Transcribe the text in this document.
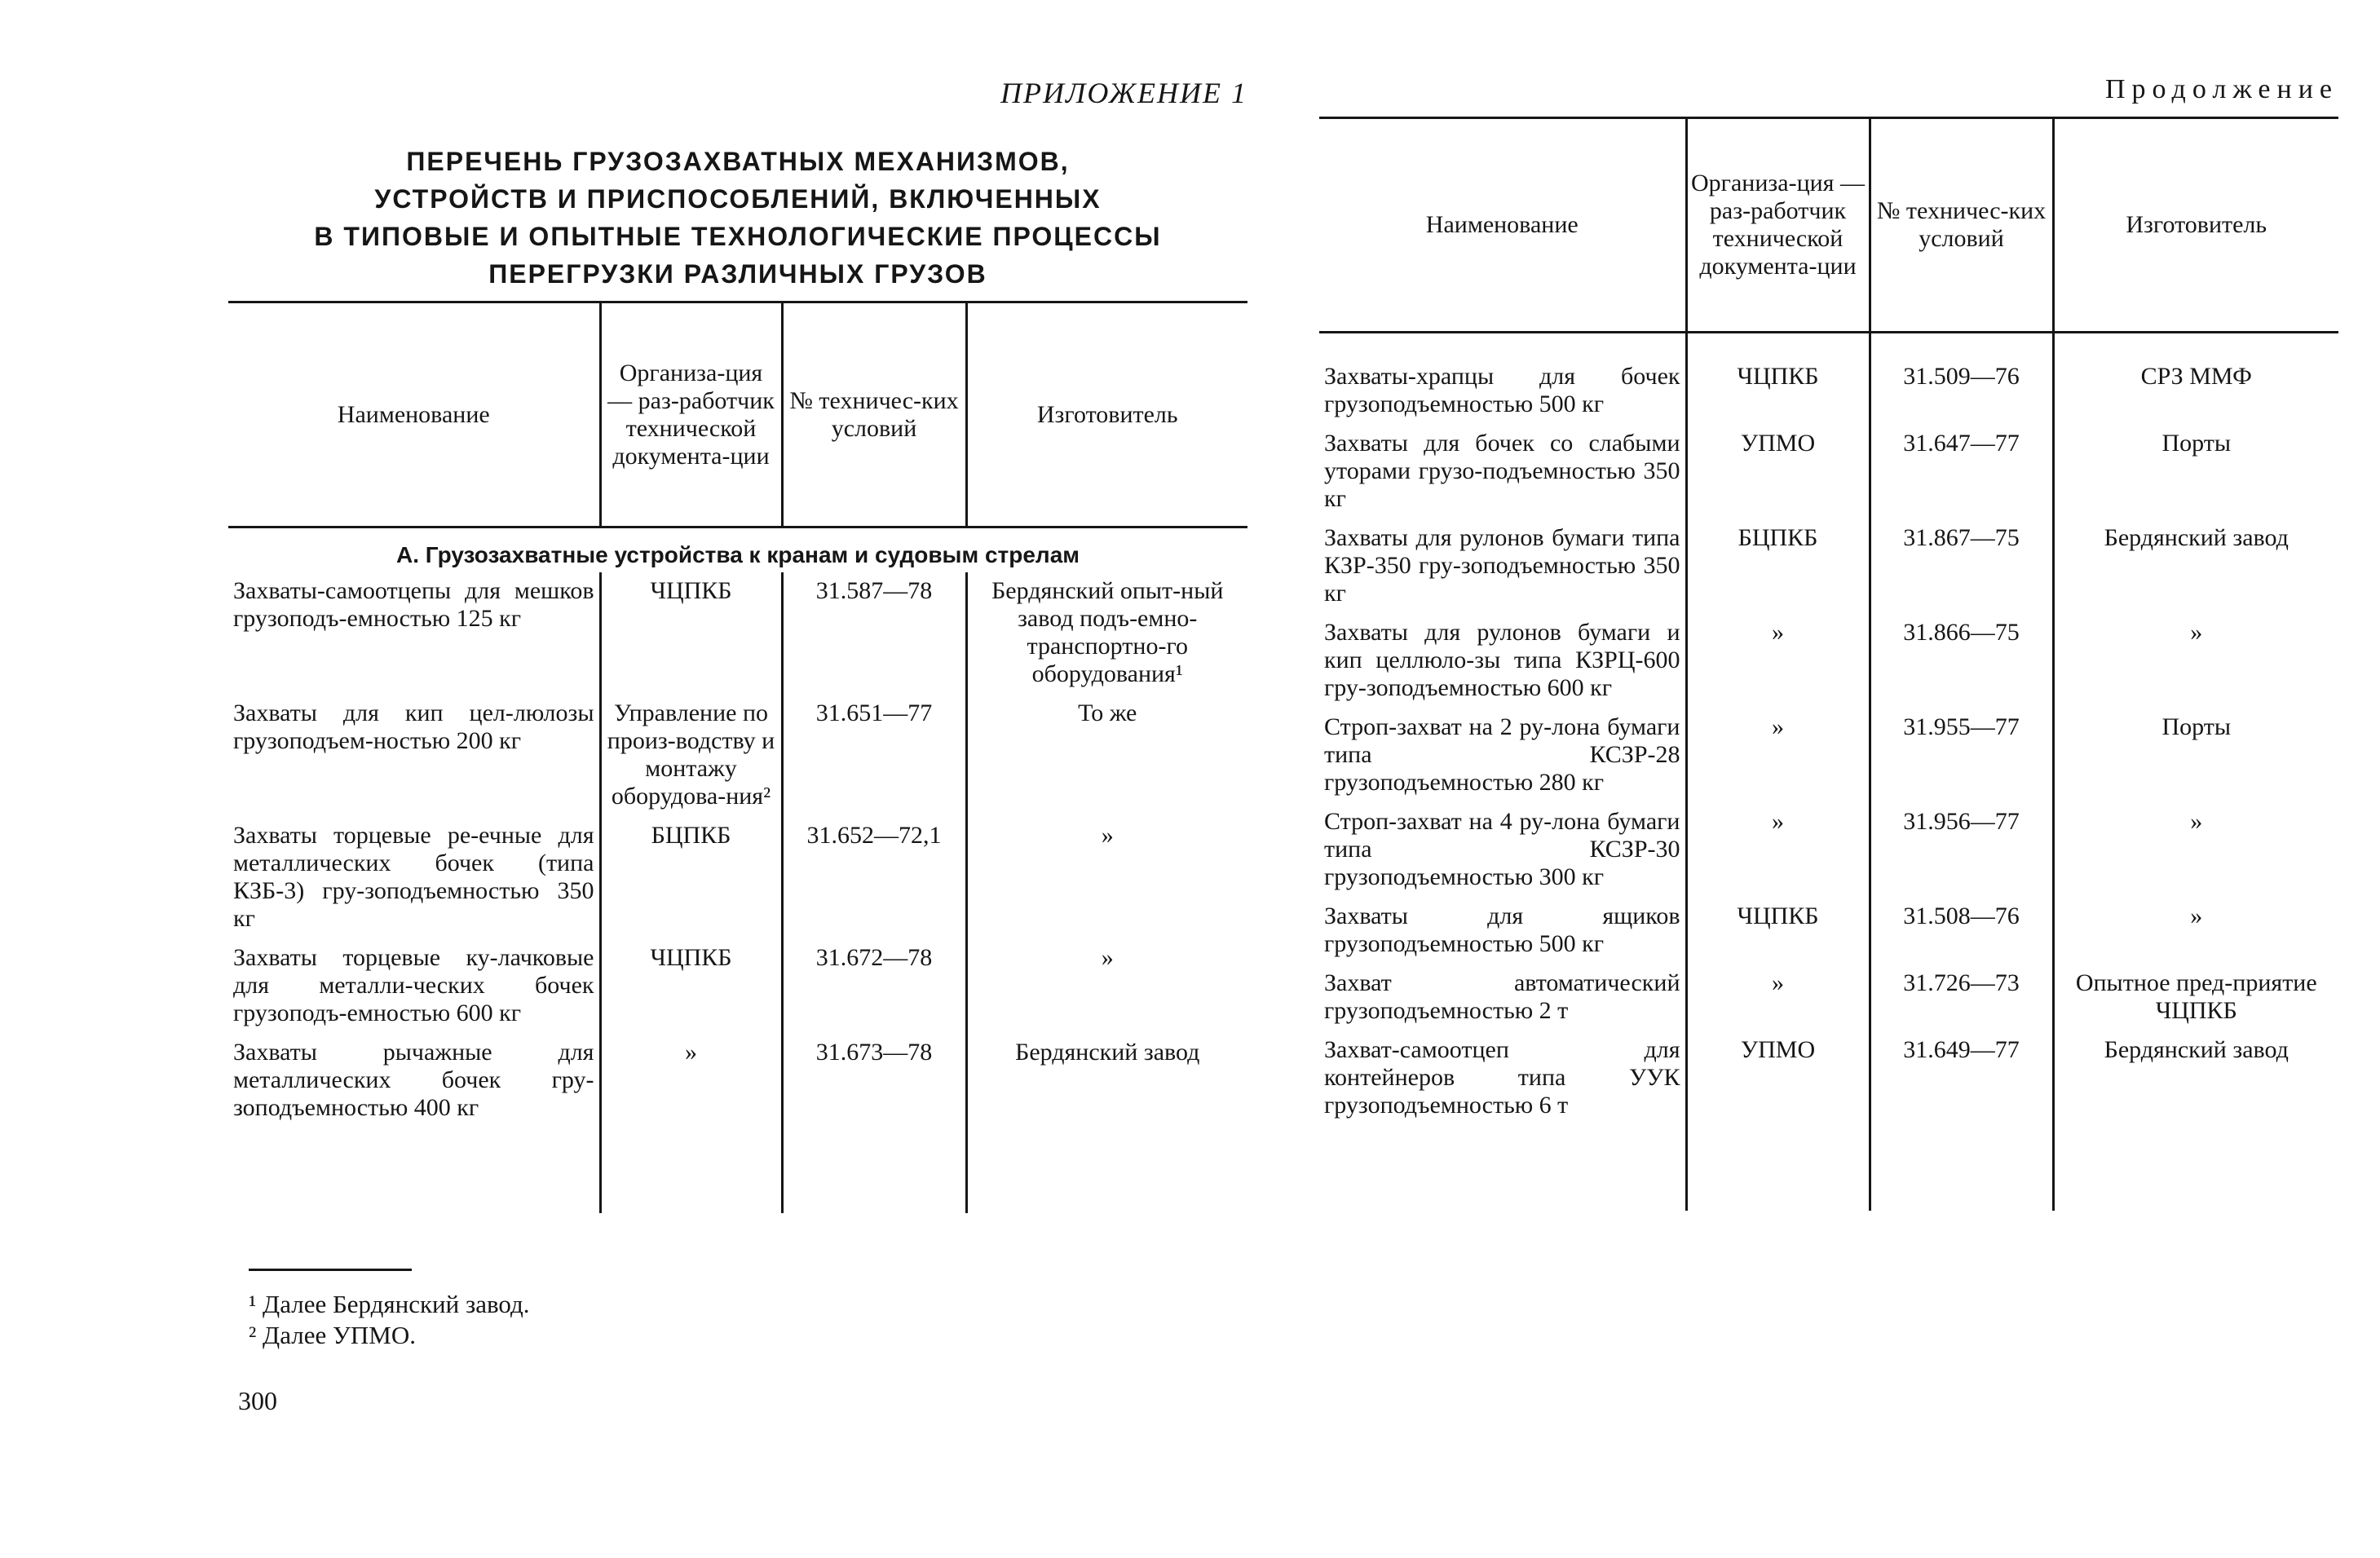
ПРИЛОЖЕНИЕ 1
ПЕРЕЧЕНЬ ГРУЗОЗАХВАТНЫХ МЕХАНИЗМОВ,
УСТРОЙСТВ И ПРИСПОСОБЛЕНИЙ, ВКЛЮЧЕННЫХ
В ТИПОВЫЕ И ОПЫТНЫЕ ТЕХНОЛОГИЧЕСКИЕ ПРОЦЕССЫ
ПЕРЕГРУЗКИ РАЗЛИЧНЫХ ГРУЗОВ
Наименование	Организа-ция — раз-работчик технической документа-ции	№ техничес-ких условий	Изготовитель
А. Грузозахватные устройства к кранам и судовым стрелам			
Захваты-самоотцепы для мешков грузоподъ-емностью 125 кг	ЧЦПКБ	31.587—78	Бердянский опыт-ный завод подъ-емно-транспортно-го оборудования¹
Захваты для кип цел-люлозы грузоподъем-ностью 200 кг	Управление по произ-водству и монтажу оборудова-ния²	31.651—77	То же
Захваты торцевые ре-ечные для металлических бочек (типа КЗБ-3) гру-зоподъемностью 350 кг	БЦПКБ	31.652—72,1	»
Захваты торцевые ку-лачковые для металли-ческих бочек грузоподъ-емностью 600 кг	ЧЦПКБ	31.672—78	»
Захваты рычажные для металлических бочек гру-зоподъемностью 400 кг	»	31.673—78	Бердянский завод

¹ Далее Бердянский завод.
² Далее УПМО.
300
Продолжение
Наименование	Организа-ция — раз-работчик технической документа-ции	№ техничес-ких условий	Изготовитель
Захваты-храпцы для бочек грузоподъемностью 500 кг	ЧЦПКБ	31.509—76	СРЗ ММФ
Захваты для бочек со слабыми уторами грузо-подъемностью 350 кг	УПМО	31.647—77	Порты
Захваты для рулонов бумаги типа КЗР-350 гру-зоподъемностью 350 кг	БЦПКБ	31.867—75	Бердянский завод
Захваты для рулонов бумаги и кип целлюло-зы типа КЗРЦ-600 гру-зоподъемностью 600 кг	»	31.866—75	»
Строп-захват на 2 ру-лона бумаги типа КСЗР-28 грузоподъемностью 280 кг	»	31.955—77	Порты
Строп-захват на 4 ру-лона бумаги типа КСЗР-30 грузоподъемностью 300 кг	»	31.956—77	»
Захваты для ящиков грузоподъемностью 500 кг	ЧЦПКБ	31.508—76	»
Захват автоматический грузоподъемностью 2 т	»	31.726—73	Опытное пред-приятие ЧЦПКБ
Захват-самоотцеп для контейнеров типа УУК грузоподъемностью 6 т	УПМО	31.649—77	Бердянский завод
